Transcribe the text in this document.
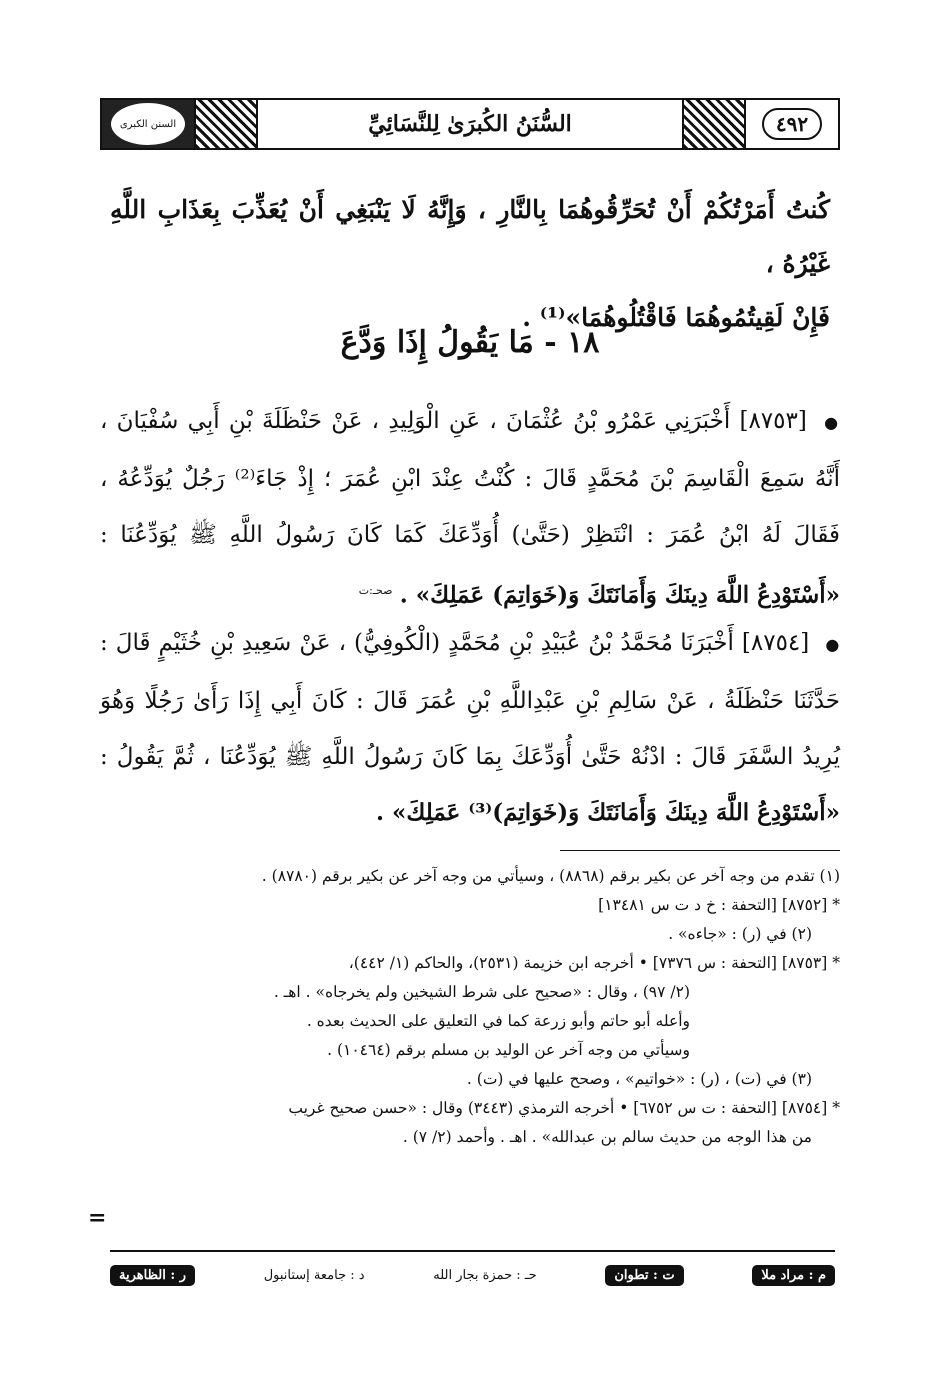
السنن الكبرى	السُّنَنُ الكُبرَىٰ لِلنَّسَائِيِّ	٤٩٢
كُنتُ أَمَرْتُكُمْ أَنْ تُحَرِّقُوهُمَا بِالنَّارِ ، وَإِنَّهُ لَا يَنْبَغِي أَنْ يُعَذِّبَ بِعَذَابِ اللَّهِ غَيْرُهُ ،
فَإِنْ لَقِيتُمُوهُمَا فَاقْتُلُوهُمَا»⁽¹⁾ .
١٨ - مَا يَقُولُ إِذَا وَدَّعَ
● [٨٧٥٣] أَخْبَرَنِي عَمْرُو بْنُ عُثْمَانَ ، عَنِ الْوَلِيدِ ، عَنْ حَنْظَلَةَ بْنِ أَبِي سُفْيَانَ ، أَنَّهُ سَمِعَ الْقَاسِمَ بْنَ مُحَمَّدٍ قَالَ : كُنْتُ عِنْدَ ابْنِ عُمَرَ ؛ إِذْ جَاءَ⁽²⁾ رَجُلٌ يُوَدِّعُهُ ، فَقَالَ لَهُ ابْنُ عُمَرَ : انْتَظِرْ (حَتَّىٰ) أُوَدِّعَكَ كَمَا كَانَ رَسُولُ اللَّهِ ﷺ يُوَدِّعُنَا : «أَسْتَوْدِعُ اللَّهَ دِينَكَ وَأَمَانَتَكَ وَ(خَوَاتِمَ) عَمَلِكَ» . $^{صحـ:ت}$
● [٨٧٥٤] أَخْبَرَنَا مُحَمَّدُ بْنُ عُبَيْدِ بْنِ مُحَمَّدٍ (الْكُوفِيُّ) ، عَنْ سَعِيدِ بْنِ خُثَيْمٍ قَالَ : حَدَّثَنَا حَنْظَلَةُ ، عَنْ سَالِمِ بْنِ عَبْدِاللَّهِ بْنِ عُمَرَ قَالَ : كَانَ أَبِي إِذَا رَأَىٰ رَجُلًا وَهُوَ يُرِيدُ السَّفَرَ قَالَ : ادْنُهْ حَتَّىٰ أُوَدِّعَكَ بِمَا كَانَ رَسُولُ اللَّهِ ﷺ يُوَدِّعُنَا ، ثُمَّ يَقُولُ : «أَسْتَوْدِعُ اللَّهَ دِينَكَ وَأَمَانَتَكَ وَ(خَوَاتِمَ)⁽³⁾ عَمَلِكَ» .
(١) تقدم من وجه آخر عن بكير برقم (٨٨٦٨) ، وسيأتي من وجه آخر عن بكير برقم (٨٧٨٠) .
* [٨٧٥٢] [التحفة : خ د ت س ١٣٤٨١]
(٢) في (ر) : «جاءه» .
* [٨٧٥٣] [التحفة : س ٧٣٧٦] • أخرجه ابن خزيمة (٢٥٣١)، والحاكم (١/ ٤٤٢)،
(٢/ ٩٧) ، وقال : «صحيح على شرط الشيخين ولم يخرجاه» . اهـ .
وأعله أبو حاتم وأبو زرعة كما في التعليق على الحديث بعده .
وسيأتي من وجه آخر عن الوليد بن مسلم برقم (١٠٤٦٤) .
(٣) في (ت) ، (ر) : «خواتيم» ، وصحح عليها في (ت) .
* [٨٧٥٤] [التحفة : ت س ٦٧٥٢] • أخرجه الترمذي (٣٤٤٣) وقال : «حسن صحيح غريب
من هذا الوجه من حديث سالم بن عبدالله» . اهـ . وأحمد (٢/ ٧) .
=
م : مراد ملا
ت : تطوان
حـ : حمزة بجار الله
د : جامعة إستانبول
ر : الظاهرية
